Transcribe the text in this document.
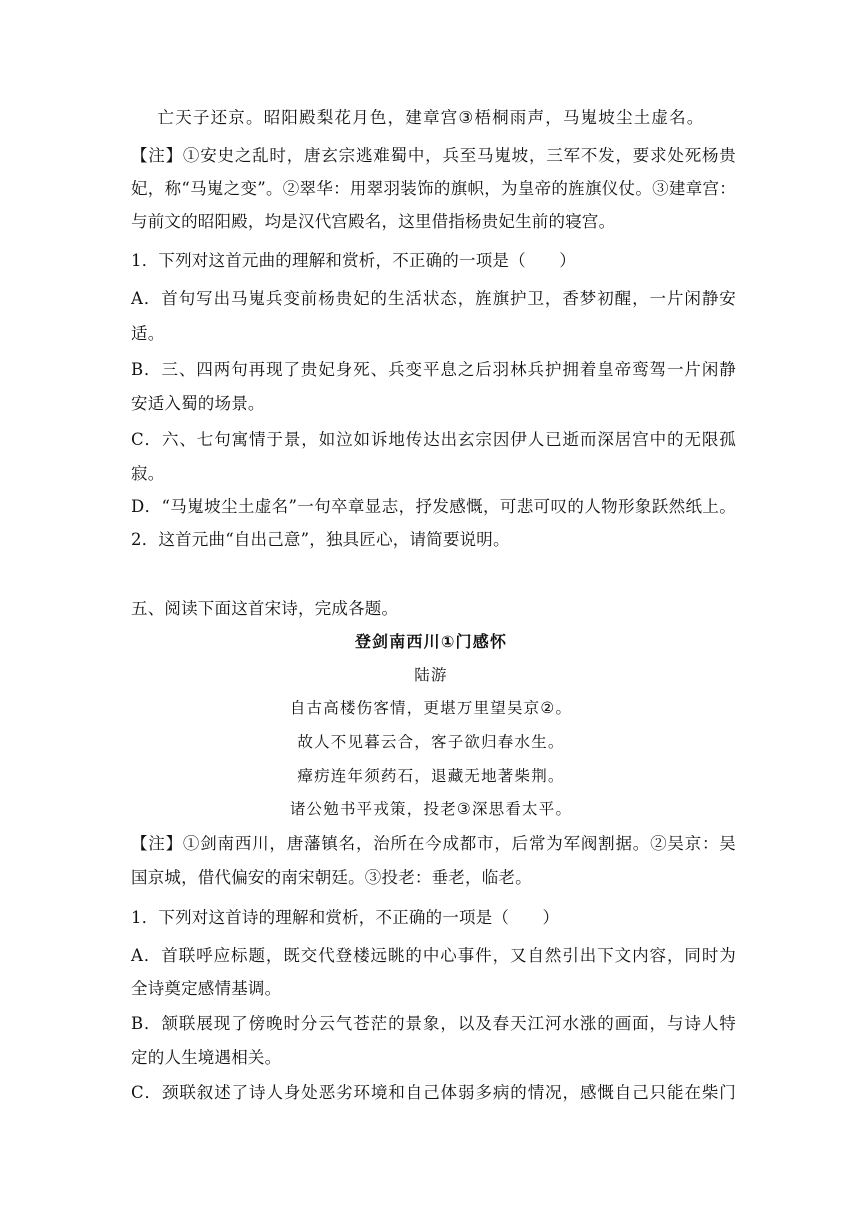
亡天子还京。昭阳殿梨花月色，建章宫③梧桐雨声，马嵬坡尘土虚名。
【注】①安史之乱时，唐玄宗逃难蜀中，兵至马嵬坡，三军不发，要求处死杨贵
妃，称“马嵬之变”。②翠华：用翠羽装饰的旗帜，为皇帝的旌旗仪仗。③建章宫：
与前文的昭阳殿，均是汉代宫殿名，这里借指杨贵妃生前的寝宫。
1．下列对这首元曲的理解和赏析，不正确的一项是（　　）
A．首句写出马嵬兵变前杨贵妃的生活状态，旌旗护卫，香梦初醒，一片闲静安
适。
B．三、四两句再现了贵妃身死、兵变平息之后羽林兵护拥着皇帝鸾驾一片闲静
安适入蜀的场景。
C．六、七句寓情于景，如泣如诉地传达出玄宗因伊人已逝而深居宫中的无限孤
寂。
D．“马嵬坡尘土虚名”一句卒章显志，抒发感慨，可悲可叹的人物形象跃然纸上。
2．这首元曲“自出己意”，独具匠心，请简要说明。
五、阅读下面这首宋诗，完成各题。
登剑南西川①门感怀
陆游
自古高楼伤客情，更堪万里望吴京②。
故人不见暮云合，客子欲归春水生。
瘴疠连年须药石，退藏无地著柴荆。
诸公勉书平戎策，投老③深思看太平。
【注】①剑南西川，唐藩镇名，治所在今成都市，后常为军阀割据。②吴京：吴
国京城，借代偏安的南宋朝廷。③投老：垂老，临老。
1．下列对这首诗的理解和赏析，不正确的一项是（　　）
A．首联呼应标题，既交代登楼远眺的中心事件，又自然引出下文内容，同时为
全诗奠定感情基调。
B．颔联展现了傍晚时分云气苍茫的景象，以及春天江河水涨的画面，与诗人特
定的人生境遇相关。
C．颈联叙述了诗人身处恶劣环境和自己体弱多病的情况，感慨自己只能在柴门
